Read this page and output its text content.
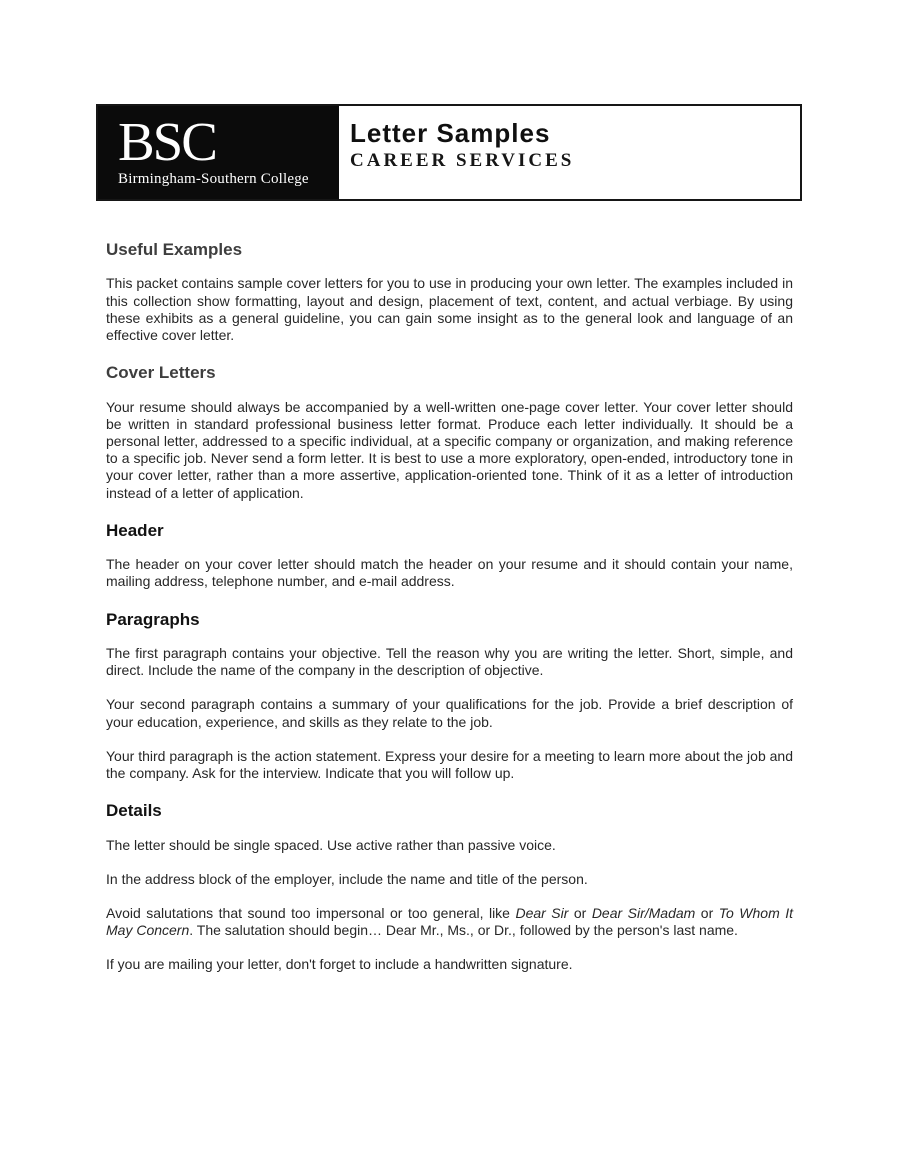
BSC
Birmingham-Southern College
Letter Samples
CAREER SERVICES
Useful Examples

This packet contains sample cover letters for you to use in producing your own letter. The examples included in this collection show formatting, layout and design, placement of text, content, and actual verbiage. By using these exhibits as a general guideline, you can gain some insight as to the general look and language of an effective cover letter.

Cover Letters

Your resume should always be accompanied by a well-written one-page cover letter. Your cover letter should be written in standard professional business letter format. Produce each letter individually. It should be a personal letter, addressed to a specific individual, at a specific company or organization, and making reference to a specific job. Never send a form letter. It is best to use a more exploratory, open-ended, introductory tone in your cover letter, rather than a more assertive, application-oriented tone. Think of it as a letter of introduction instead of a letter of application.

Header

The header on your cover letter should match the header on your resume and it should contain your name, mailing address, telephone number, and e-mail address.

Paragraphs

The first paragraph contains your objective. Tell the reason why you are writing the letter. Short, simple, and direct. Include the name of the company in the description of objective.

Your second paragraph contains a summary of your qualifications for the job. Provide a brief description of your education, experience, and skills as they relate to the job.

Your third paragraph is the action statement. Express your desire for a meeting to learn more about the job and the company. Ask for the interview. Indicate that you will follow up.

Details

The letter should be single spaced. Use active rather than passive voice.

In the address block of the employer, include the name and title of the person.

Avoid salutations that sound too impersonal or too general, like Dear Sir or Dear Sir/Madam or To Whom It May Concern. The salutation should begin… Dear Mr., Ms., or Dr., followed by the person's last name.

If you are mailing your letter, don't forget to include a handwritten signature.
